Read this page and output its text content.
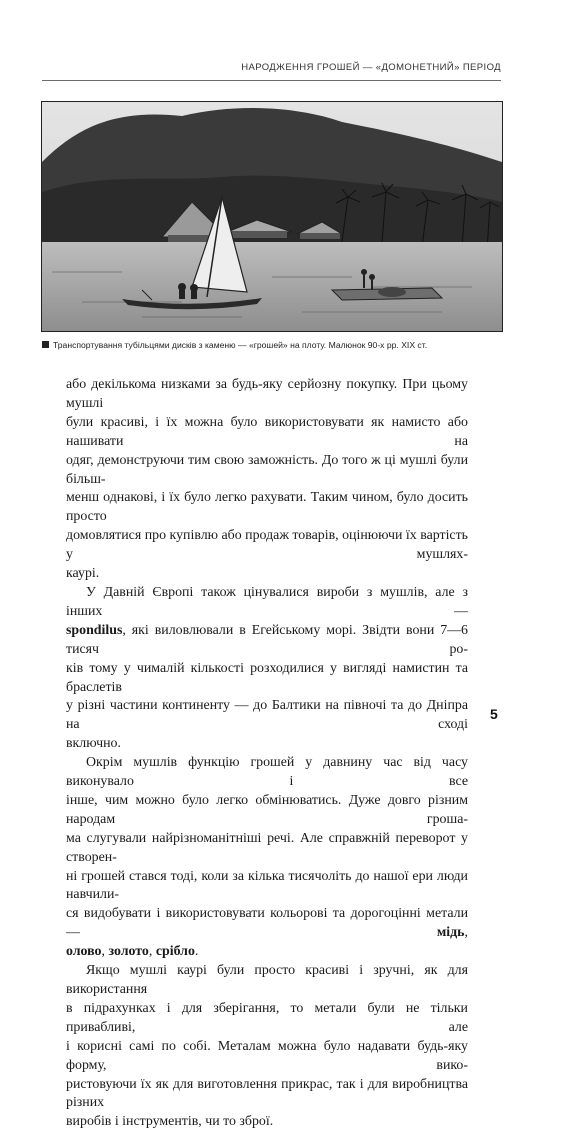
НАРОДЖЕННЯ ГРОШЕЙ — «ДОМОНЕТНИЙ» ПЕРІОД
Транспортування тубільцями дисків з каменю — «грошей» на плоту. Малюнок 90-х рр. XIX ст.

або декількома низками за будь-яку серйозну покупку. При цьому мушлі
були красиві, і їх можна було використовувати як намисто або нашивати на
одяг, демонструючи тим свою заможність. До того ж ці мушлі були більш-
менш однакові, і їх було легко рахувати. Таким чином, було досить просто
домовлятися про купівлю або продаж товарів, оцінюючи їх вартість у мушлях-
каурі.

У Давній Європі також цінувалися вироби з мушлів, але з інших —
spondilus, які виловлювали в Егейському морі. Звідти вони 7—6 тисяч ро-
ків тому у чималій кількості розходилися у вигляді намистин та браслетів
у різні частини континенту — до Балтики на півночі та до Дніпра на сході
включно.

Окрім мушлів функцію грошей у давнину час від часу виконувало і все
інше, чим можно було легко обмінюватись. Дуже довго різним народам гроша-
ма слугували найрізноманітніші речі. Але справжній переворот у створен-
ні грошей стався тоді, коли за кілька тисячоліть до нашої ери люди навчили-
ся видобувати і використовувати кольорові та дорогоцінні метали —	мідь,
олово, золото, срібло.

Якщо мушлі каурі були просто красиві і зручні, як для використання
в підрахунках і для зберігання, то метали були не тільки привабливі, але
і корисні самі по собі. Металам можна було надавати будь-яку форму, вико-
ристовуючи їх як для виготовлення прикрас, так і для виробництва різних
виробів і інструментів, чи то зброї.

5
